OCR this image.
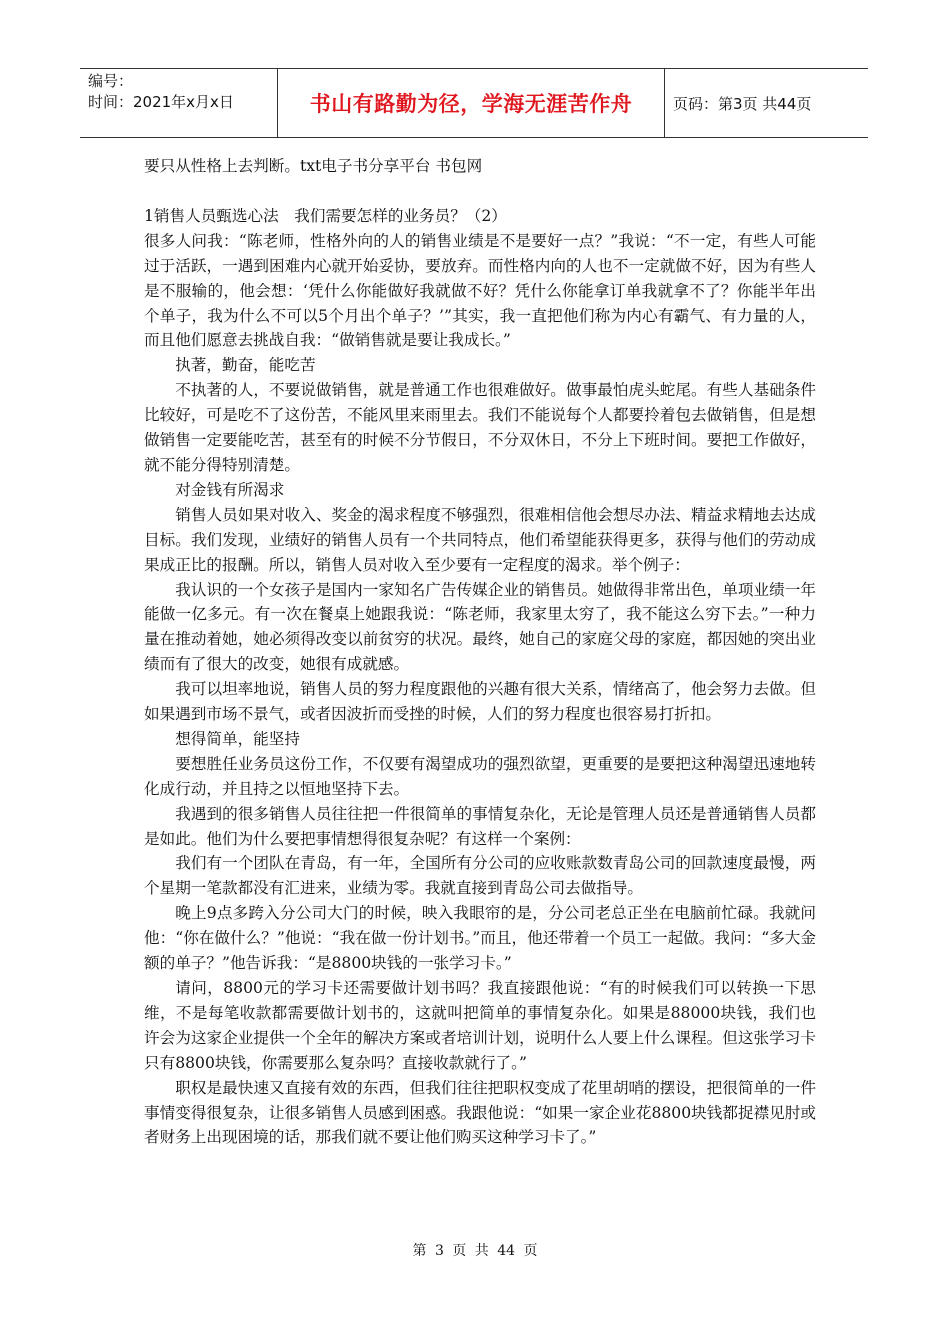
编号：
时间：2021年x月x日	书山有路勤为径，学海无涯苦作舟	页码：第3页 共44页

要只从性格上去判断。txt电子书分享平台 书包网

1销售人员甄选心法　我们需要怎样的业务员？（2）

很多人问我：“陈老师，性格外向的人的销售业绩是不是要好一点？”我说：“不一定，有些人可能过于活跃，一遇到困难内心就开始妥协，要放弃。而性格内向的人也不一定就做不好，因为有些人是不服输的，他会想：‘凭什么你能做好我就做不好？凭什么你能拿订单我就拿不了？你能半年出个单子，我为什么不可以5个月出个单子？’”其实，我一直把他们称为内心有霸气、有力量的人，而且他们愿意去挑战自我：“做销售就是要让我成长。”

执著，勤奋，能吃苦

不执著的人，不要说做销售，就是普通工作也很难做好。做事最怕虎头蛇尾。有些人基础条件比较好，可是吃不了这份苦，不能风里来雨里去。我们不能说每个人都要拎着包去做销售，但是想做销售一定要能吃苦，甚至有的时候不分节假日，不分双休日，不分上下班时间。要把工作做好，就不能分得特别清楚。

对金钱有所渴求

销售人员如果对收入、奖金的渴求程度不够强烈，很难相信他会想尽办法、精益求精地去达成目标。我们发现，业绩好的销售人员有一个共同特点，他们希望能获得更多，获得与他们的劳动成果成正比的报酬。所以，销售人员对收入至少要有一定程度的渴求。举个例子：

我认识的一个女孩子是国内一家知名广告传媒企业的销售员。她做得非常出色，单项业绩一年能做一亿多元。有一次在餐桌上她跟我说：“陈老师，我家里太穷了，我不能这么穷下去。”一种力量在推动着她，她必须得改变以前贫穷的状况。最终，她自己的家庭父母的家庭，都因她的突出业绩而有了很大的改变，她很有成就感。

我可以坦率地说，销售人员的努力程度跟他的兴趣有很大关系，情绪高了，他会努力去做。但如果遇到市场不景气，或者因波折而受挫的时候，人们的努力程度也很容易打折扣。

想得简单，能坚持

要想胜任业务员这份工作，不仅要有渴望成功的强烈欲望，更重要的是要把这种渴望迅速地转化成行动，并且持之以恒地坚持下去。

我遇到的很多销售人员往往把一件很简单的事情复杂化，无论是管理人员还是普通销售人员都是如此。他们为什么要把事情想得很复杂呢？有这样一个案例：

我们有一个团队在青岛，有一年，全国所有分公司的应收账款数青岛公司的回款速度最慢，两个星期一笔款都没有汇进来，业绩为零。我就直接到青岛公司去做指导。

晚上9点多跨入分公司大门的时候，映入我眼帘的是，分公司老总正坐在电脑前忙碌。我就问他：“你在做什么？”他说：“我在做一份计划书。”而且，他还带着一个员工一起做。我问：“多大金额的单子？”他告诉我：“是8800块钱的一张学习卡。”

请问，8800元的学习卡还需要做计划书吗？我直接跟他说：“有的时候我们可以转换一下思维，不是每笔收款都需要做计划书的，这就叫把简单的事情复杂化。如果是88000块钱，我们也许会为这家企业提供一个全年的解决方案或者培训计划，说明什么人要上什么课程。但这张学习卡只有8800块钱，你需要那么复杂吗？直接收款就行了。”

职权是最快速又直接有效的东西，但我们往往把职权变成了花里胡哨的摆设，把很简单的一件事情变得很复杂，让很多销售人员感到困惑。我跟他说：“如果一家企业花8800块钱都捉襟见肘或者财务上出现困境的话，那我们就不要让他们购买这种学习卡了。”

第 3 页 共 44 页
